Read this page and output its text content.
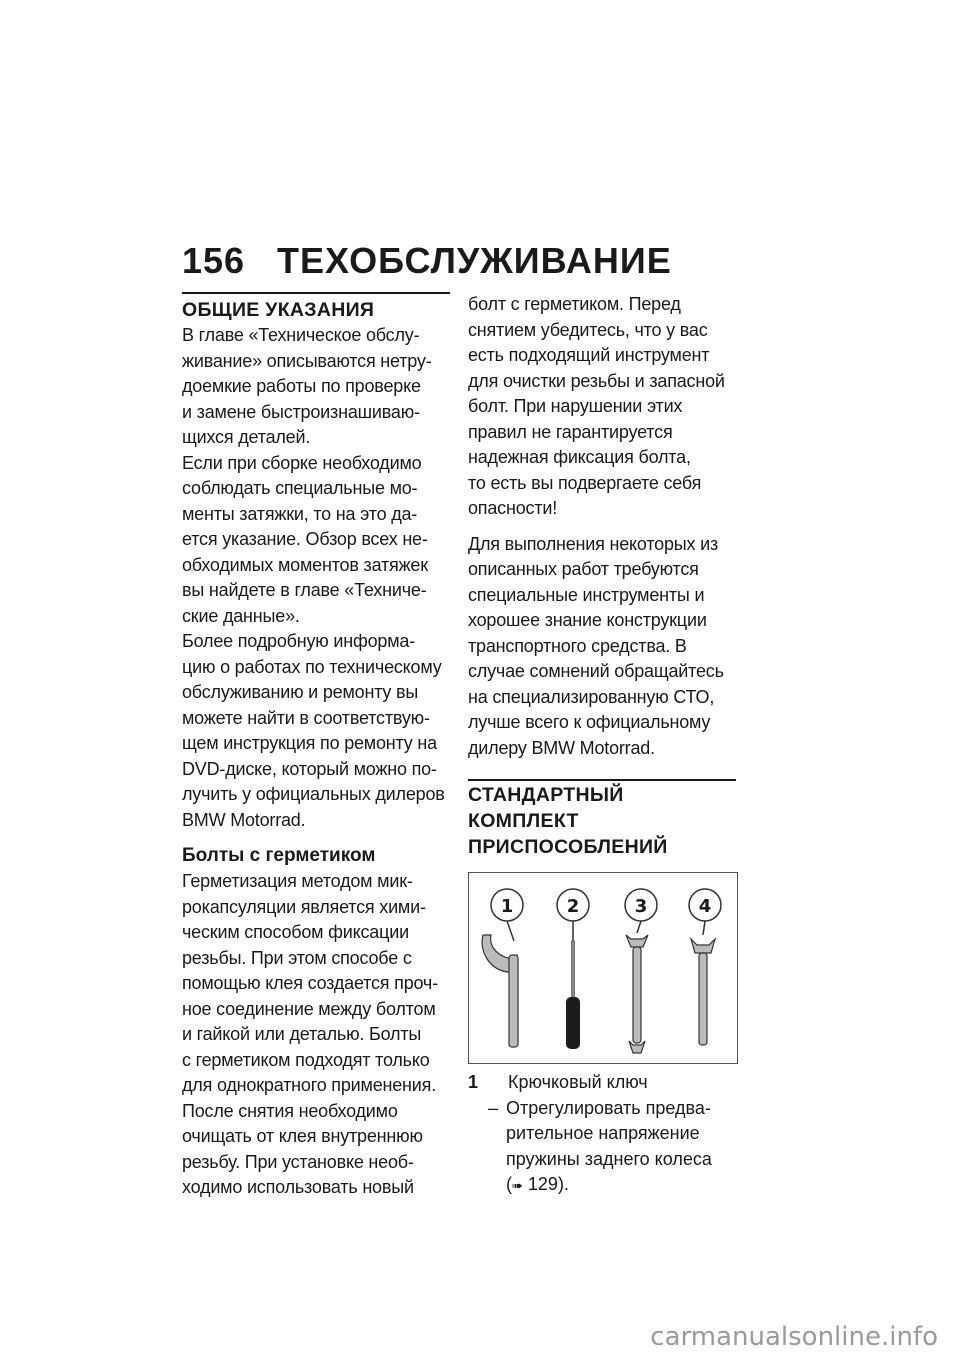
156 ТЕХОБСЛУЖИВАНИЕ
ОБЩИЕ УКАЗАНИЯ
В главе «Техническое обслу-
живание» описываются нетру-
доемкие работы по проверке
и замене быстроизнашиваю-
щихся деталей.
Если при сборке необходимо
соблюдать специальные мо-
менты затяжки, то на это да-
ется указание. Обзор всех не-
обходимых моментов затяжек
вы найдете в главе «Техниче-
ские данные».
Более подробную информа-
цию о работах по техническому
обслуживанию и ремонту вы
можете найти в соответствую-
щем инструкция по ремонту на
DVD-диске, который можно по-
лучить у официальных дилеров
BMW Motorrad.
Болты с герметиком
Герметизация методом мик-
рокапсуляции является хими-
ческим способом фиксации
резьбы. При этом способе с
помощью клея создается проч-
ное соединение между болтом
и гайкой или деталью. Болты
с герметиком подходят только
для однократного применения.
После снятия необходимо
очищать от клея внутреннюю
резьбу. При установке необ-
ходимо использовать новый
болт с герметиком. Перед
снятием убедитесь, что у вас
есть подходящий инструмент
для очистки резьбы и запасной
болт. При нарушении этих
правил не гарантируется
надежная фиксация болта,
то есть вы подвергаете себя
опасности!
Для выполнения некоторых из
описанных работ требуются
специальные инструменты и
хорошее знание конструкции
транспортного средства. В
случае сомнений обращайтесь
на специализированную СТО,
лучше всего к официальному
дилеру BMW Motorrad.
СТАНДАРТНЫЙ
КОМПЛЕКТ ПРИСПОСОБЛЕНИЙ
1	2	3	4
1	Крючковый ключ
– Отрегулировать предва-
рительное напряжение
пружины заднего колеса
(➠ 129).
carmanualsonline.info
